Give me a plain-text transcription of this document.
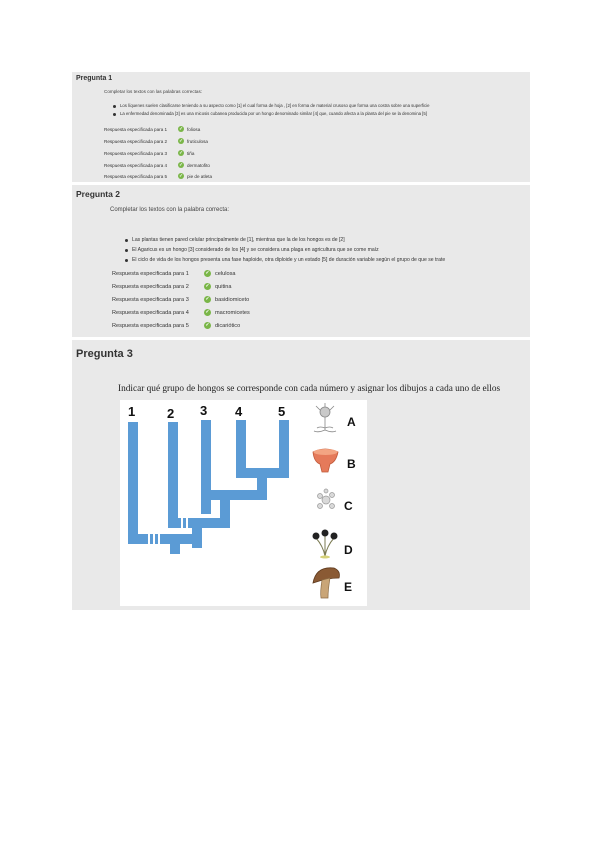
Pregunta 1
Completar los textos con las palabras correctas:
Los líquenes suelen clasificarse teniendo a su aspecto como [1] el cual forma de hoja , [2] en forma de material crusoso que forma una costra sobre una superficie
La enfermedad denominada [3] es una micosis cubanea producida por un hongo denominado similar [4] que, cuando afecta a la planta del pie se la denomina [5]
Respuesta especificada para 1	✓ foliosa
Respuesta especificada para 2	✓ fruticulosa
Respuesta especificada para 3	✓ tiña
Respuesta especificada para 4	✓ dermatofito
Respuesta especificada para 5	✓ pie de atleta
Pregunta 2
Completar los textos con la palabra correcta:
Las plantas tienen pared celular principalmente de [1], mientras que la de los hongos es de [2]
El Agaricus es un hongo [3] considerado de los [4] y se considera una plaga en agricultura que se come maíz
El ciclo de vida de los hongos presenta una fase haploide, otra diploide y un estado [5] de duración variable según el grupo de que se trate
Respuesta especificada para 1	✓ celulosa
Respuesta especificada para 2	✓ quitina
Respuesta especificada para 3	✓ basidiomiceto
Respuesta especificada para 4	✓ macromicetes
Respuesta especificada para 5	✓ dicariótico
Pregunta 3
Indicar qué grupo de hongos se corresponde con cada número y asignar los dibujos a cada uno de ellos
1 2 3 4	5
A
B
C
D
E
